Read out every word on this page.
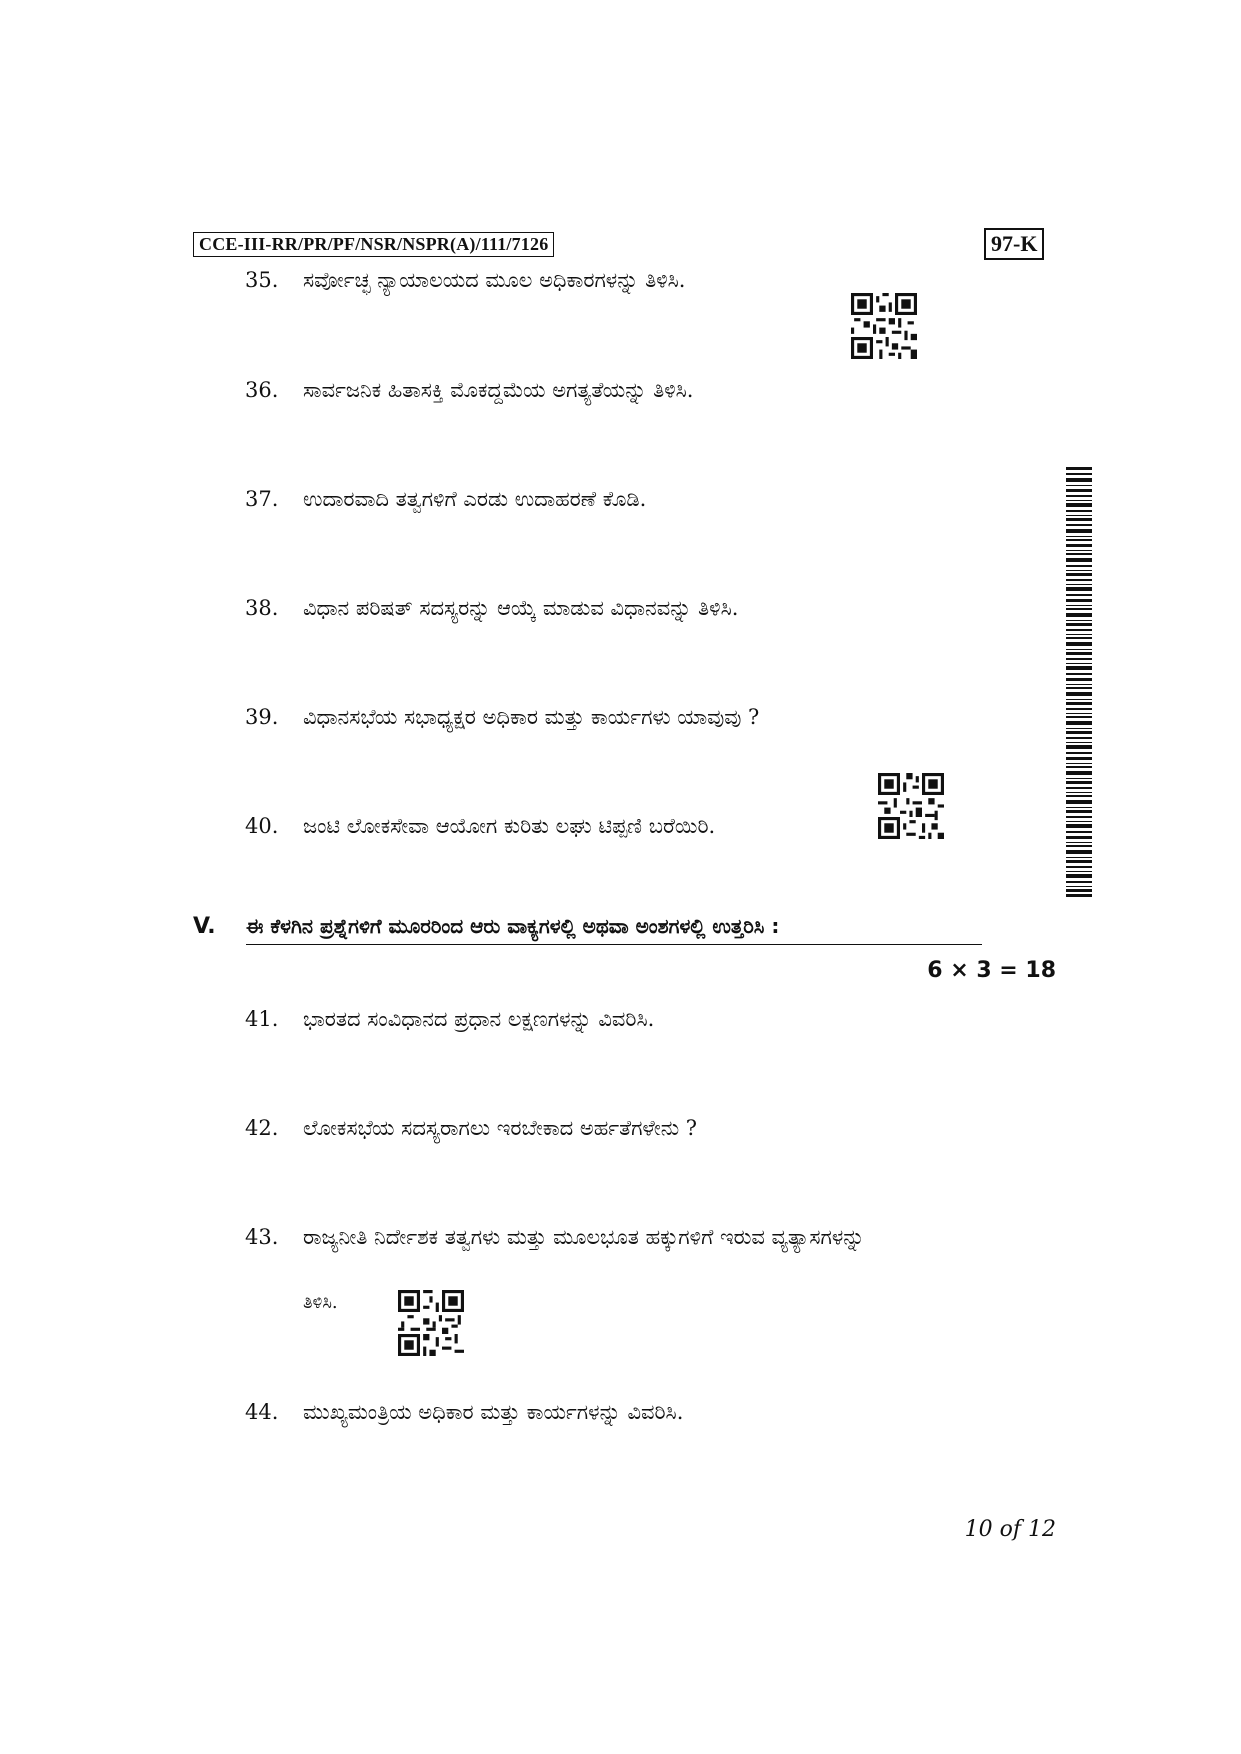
CCE-III-RR/PR/PF/NSR/NSPR(A)/111/7126	97-K
35. ಸರ್ವೋಚ್ಛ ನ್ಯಾಯಾಲಯದ ಮೂಲ ಅಧಿಕಾರಗಳನ್ನು ತಿಳಿಸಿ.
36. ಸಾರ್ವಜನಿಕ ಹಿತಾಸಕ್ತಿ ಮೊಕದ್ದಮೆಯ ಅಗತ್ಯತೆಯನ್ನು ತಿಳಿಸಿ.
37. ಉದಾರವಾದಿ ತತ್ವಗಳಿಗೆ ಎರಡು ಉದಾಹರಣೆ ಕೊಡಿ.
38. ವಿಧಾನ ಪರಿಷತ್ ಸದಸ್ಯರನ್ನು ಆಯ್ಕೆ ಮಾಡುವ ವಿಧಾನವನ್ನು ತಿಳಿಸಿ.
39. ವಿಧಾನಸಭೆಯ ಸಭಾಧ್ಯಕ್ಷರ ಅಧಿಕಾರ ಮತ್ತು ಕಾರ್ಯಗಳು ಯಾವುವು ?
40. ಜಂಟಿ ಲೋಕಸೇವಾ ಆಯೋಗ ಕುರಿತು ಲಘು ಟಿಪ್ಪಣಿ ಬರೆಯಿರಿ.
V. ಈ ಕೆಳಗಿನ ಪ್ರಶ್ನೆಗಳಿಗೆ ಮೂರರಿಂದ ಆರು ವಾಕ್ಯಗಳಲ್ಲಿ ಅಥವಾ ಅಂಶಗಳಲ್ಲಿ ಉತ್ತರಿಸಿ :
6 × 3 = 18
41. ಭಾರತದ ಸಂವಿಧಾನದ ಪ್ರಧಾನ ಲಕ್ಷಣಗಳನ್ನು ವಿವರಿಸಿ.
42. ಲೋಕಸಭೆಯ ಸದಸ್ಯರಾಗಲು ಇರಬೇಕಾದ ಅರ್ಹತೆಗಳೇನು ?
43. ರಾಜ್ಯನೀತಿ ನಿರ್ದೇಶಕ ತತ್ವಗಳು ಮತ್ತು ಮೂಲಭೂತ ಹಕ್ಕುಗಳಿಗೆ ಇರುವ ವ್ಯತ್ಯಾಸಗಳನ್ನು
ತಿಳಿಸಿ.
44. ಮುಖ್ಯಮಂತ್ರಿಯ ಅಧಿಕಾರ ಮತ್ತು ಕಾರ್ಯಗಳನ್ನು ವಿವರಿಸಿ.
10 of 12
